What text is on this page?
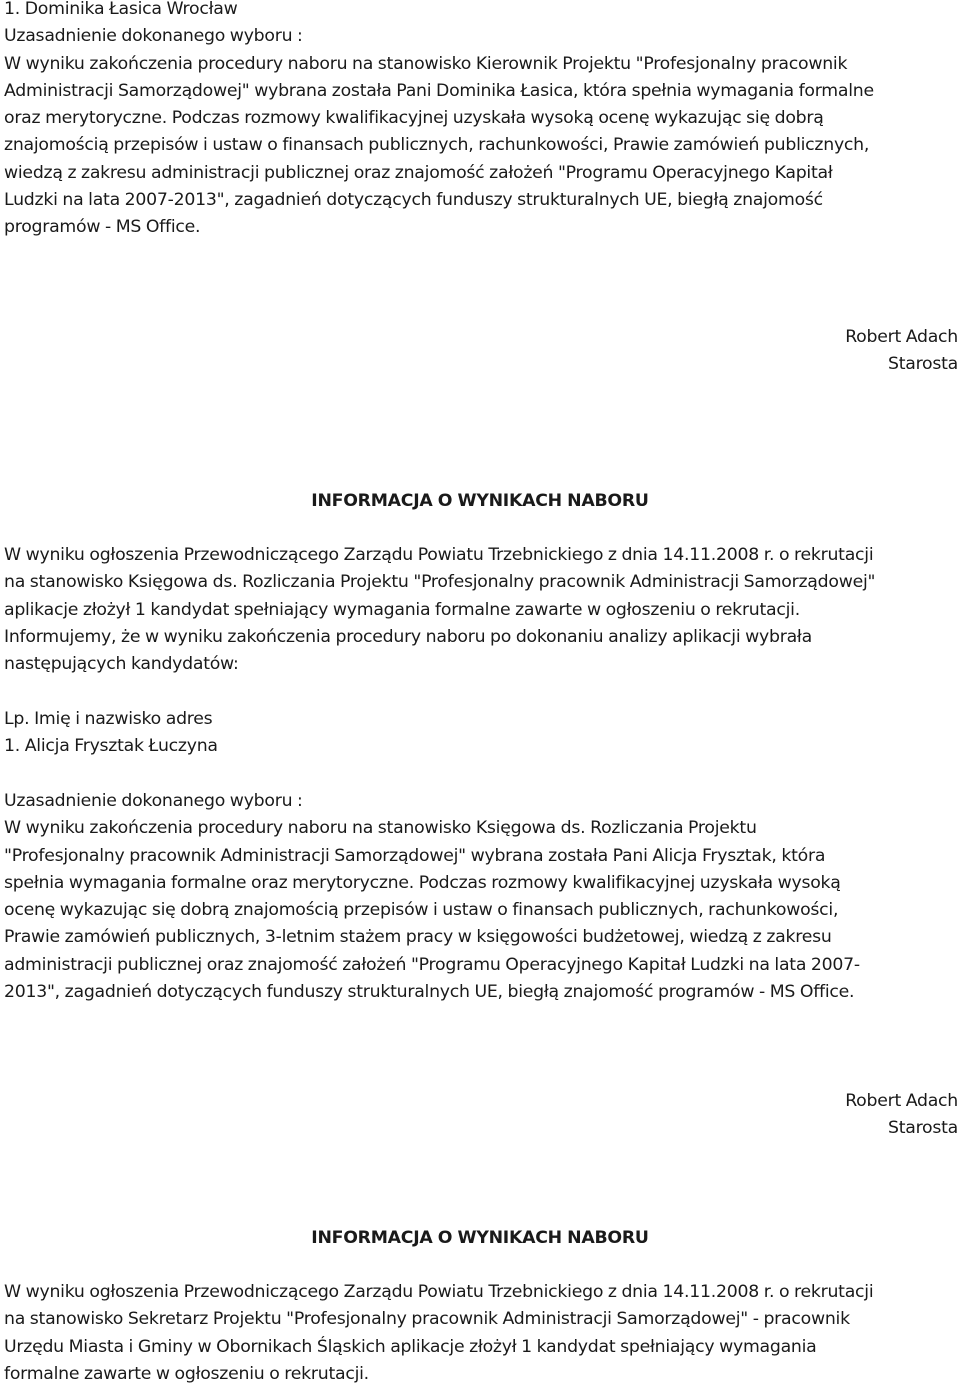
1. Dominika Łasica Wrocław
Uzasadnienie dokonanego wyboru :
W wyniku zakończenia procedury naboru na stanowisko Kierownik Projektu "Profesjonalny pracownik
Administracji Samorządowej" wybrana została Pani Dominika Łasica, która spełnia wymagania formalne
oraz merytoryczne. Podczas rozmowy kwalifikacyjnej uzyskała wysoką ocenę wykazując się dobrą
znajomością przepisów i ustaw o finansach publicznych, rachunkowości, Prawie zamówień publicznych,
wiedzą z zakresu administracji publicznej oraz znajomość założeń "Programu Operacyjnego Kapitał
Ludzki na lata 2007-2013", zagadnień dotyczących funduszy strukturalnych UE, biegłą znajomość
programów - MS Office.
Robert Adach
Starosta
INFORMACJA O WYNIKACH NABORU
W wyniku ogłoszenia Przewodniczącego Zarządu Powiatu Trzebnickiego z dnia 14.11.2008 r. o rekrutacji
na stanowisko Księgowa ds. Rozliczania Projektu "Profesjonalny pracownik Administracji Samorządowej"
aplikacje złożył 1 kandydat spełniający wymagania formalne zawarte w ogłoszeniu o rekrutacji.
Informujemy, że w wyniku zakończenia procedury naboru po dokonaniu analizy aplikacji wybrała
następujących kandydatów:
Lp. Imię i nazwisko adres
1. Alicja Frysztak Łuczyna
Uzasadnienie dokonanego wyboru :
W wyniku zakończenia procedury naboru na stanowisko Księgowa ds. Rozliczania Projektu
"Profesjonalny pracownik Administracji Samorządowej" wybrana została Pani Alicja Frysztak, która
spełnia wymagania formalne oraz merytoryczne. Podczas rozmowy kwalifikacyjnej uzyskała wysoką
ocenę wykazując się dobrą znajomością przepisów i ustaw o finansach publicznych, rachunkowości,
Prawie zamówień publicznych, 3-letnim stażem pracy w księgowości budżetowej, wiedzą z zakresu
administracji publicznej oraz znajomość założeń "Programu Operacyjnego Kapitał Ludzki na lata 2007-
2013", zagadnień dotyczących funduszy strukturalnych UE, biegłą znajomość programów - MS Office.
Robert Adach
Starosta
INFORMACJA O WYNIKACH NABORU
W wyniku ogłoszenia Przewodniczącego Zarządu Powiatu Trzebnickiego z dnia 14.11.2008 r. o rekrutacji
na stanowisko Sekretarz Projektu "Profesjonalny pracownik Administracji Samorządowej" - pracownik
Urzędu Miasta i Gminy w Obornikach Śląskich aplikacje złożył 1 kandydat spełniający wymagania
formalne zawarte w ogłoszeniu o rekrutacji.
